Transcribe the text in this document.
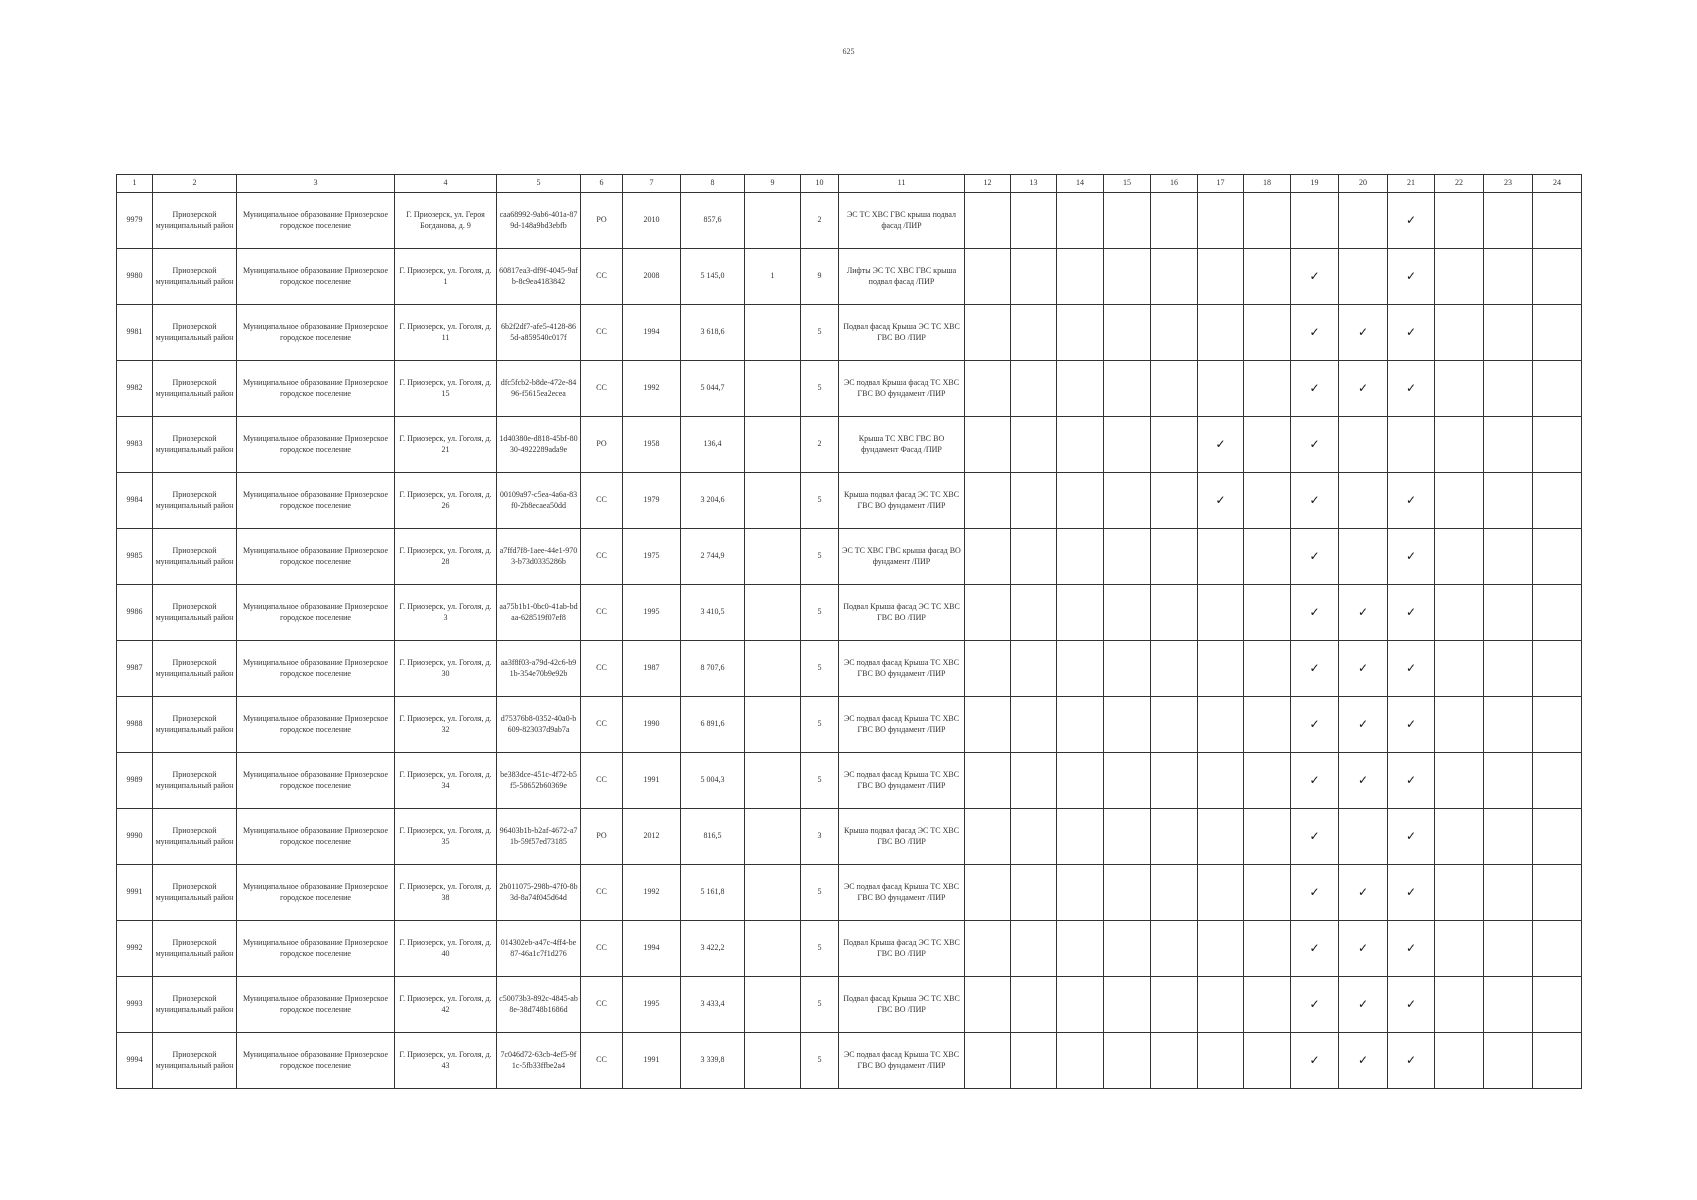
625
1	2	3	4	5	6	7	8	9	10	11	12	13	14	15	16	17	18	19	20	21	22	23	24
9979	Приозерской муниципальный район	Муниципальное образование Приозерское городское поселение	Г. Приозерск, ул. Героя Богданова, д. 9	caa68992-9ab6-401a-879d-148a9bd3ebfb	РО	2010	857,6		2	ЭС ТС ХВС ГВС крыша подвал фасад /ПИР										✓			
9980	Приозерской муниципальный район	Муниципальное образование Приозерское городское поселение	Г. Приозерск, ул. Гоголя, д. 1	60817ea3-df9f-4045-9afb-8c9ea4183842	СС	2008	5 145,0	1	9	Лифты ЭС ТС ХВС ГВС крыша подвал фасад /ПИР								✓		✓			
9981	Приозерской муниципальный район	Муниципальное образование Приозерское городское поселение	Г. Приозерск, ул. Гоголя, д. 11	6b2f2df7-afe5-4128-865d-a859540c017f	СС	1994	3 618,6		5	Подвал фасад Крыша ЭС ТС ХВС ГВС ВО /ПИР								✓	✓	✓			
9982	Приозерской муниципальный район	Муниципальное образование Приозерское городское поселение	Г. Приозерск, ул. Гоголя, д. 15	dfc5fcb2-b8de-472e-8496-f5615ea2ecea	СС	1992	5 044,7		5	ЭС подвал Крыша фасад ТС ХВС ГВС ВО фундамент /ПИР								✓	✓	✓			
9983	Приозерской муниципальный район	Муниципальное образование Приозерское городское поселение	Г. Приозерск, ул. Гоголя, д. 21	1d40380e-d818-45bf-8030-4922289ada9e	РО	1958	136,4		2	Крыша ТС ХВС ГВС ВО фундамент Фасад /ПИР						✓		✓					
9984	Приозерской муниципальный район	Муниципальное образование Приозерское городское поселение	Г. Приозерск, ул. Гоголя, д. 26	00109a97-c5ea-4a6a-83f0-2b8ecaea50dd	СС	1979	3 204,6		5	Крыша подвал фасад ЭС ТС ХВС ГВС ВО фундамент /ПИР						✓		✓		✓			
9985	Приозерской муниципальный район	Муниципальное образование Приозерское городское поселение	Г. Приозерск, ул. Гоголя, д. 28	a7ffd7f8-1aee-44e1-9703-b73d0335286b	СС	1975	2 744,9		5	ЭС ТС ХВС ГВС крыша фасад ВО фундамент /ПИР								✓		✓			
9986	Приозерской муниципальный район	Муниципальное образование Приозерское городское поселение	Г. Приозерск, ул. Гоголя, д. 3	aa75b1b1-0bc0-41ab-bdaa-628519f07ef8	СС	1995	3 410,5		5	Подвал Крыша фасад ЭС ТС ХВС ГВС ВО /ПИР								✓	✓	✓			
9987	Приозерской муниципальный район	Муниципальное образование Приозерское городское поселение	Г. Приозерск, ул. Гоголя, д. 30	aa3f8f03-a79d-42c6-b91b-354e70b9e92b	СС	1987	8 707,6		5	ЭС подвал фасад Крыша ТС ХВС ГВС ВО фундамент /ПИР								✓	✓	✓			
9988	Приозерской муниципальный район	Муниципальное образование Приозерское городское поселение	Г. Приозерск, ул. Гоголя, д. 32	d75376b8-0352-40a0-b609-823037d9ab7a	СС	1990	6 891,6		5	ЭС подвал фасад Крыша ТС ХВС ГВС ВО фундамент /ПИР								✓	✓	✓			
9989	Приозерской муниципальный район	Муниципальное образование Приозерское городское поселение	Г. Приозерск, ул. Гоголя, д. 34	be383dce-451c-4f72-b5f5-58652b60369e	СС	1991	5 004,3		5	ЭС подвал фасад Крыша ТС ХВС ГВС ВО фундамент /ПИР								✓	✓	✓			
9990	Приозерской муниципальный район	Муниципальное образование Приозерское городское поселение	Г. Приозерск, ул. Гоголя, д. 35	96403b1b-b2af-4672-a71b-59f57ed73185	РО	2012	816,5		3	Крыша подвал фасад ЭС ТС ХВС ГВС ВО /ПИР								✓		✓			
9991	Приозерской муниципальный район	Муниципальное образование Приозерское городское поселение	Г. Приозерск, ул. Гоголя, д. 38	2b011075-298b-47f0-8b3d-8a74f045d64d	СС	1992	5 161,8		5	ЭС подвал фасад Крыша ТС ХВС ГВС ВО фундамент /ПИР								✓	✓	✓			
9992	Приозерской муниципальный район	Муниципальное образование Приозерское городское поселение	Г. Приозерск, ул. Гоголя, д. 40	014302eb-a47c-4ff4-be87-46a1c7f1d276	СС	1994	3 422,2		5	Подвал Крыша фасад ЭС ТС ХВС ГВС ВО /ПИР								✓	✓	✓			
9993	Приозерской муниципальный район	Муниципальное образование Приозерское городское поселение	Г. Приозерск, ул. Гоголя, д. 42	c50073b3-892c-4845-ab8e-38d748b1686d	СС	1995	3 433,4		5	Подвал фасад Крыша ЭС ТС ХВС ГВС ВО /ПИР								✓	✓	✓			
9994	Приозерской муниципальный район	Муниципальное образование Приозерское городское поселение	Г. Приозерск, ул. Гоголя, д. 43	7c046d72-63cb-4ef5-9f1c-5fb33ffbe2a4	СС	1991	3 339,8		5	ЭС подвал фасад Крыша ТС ХВС ГВС ВО фундамент /ПИР								✓	✓	✓			
